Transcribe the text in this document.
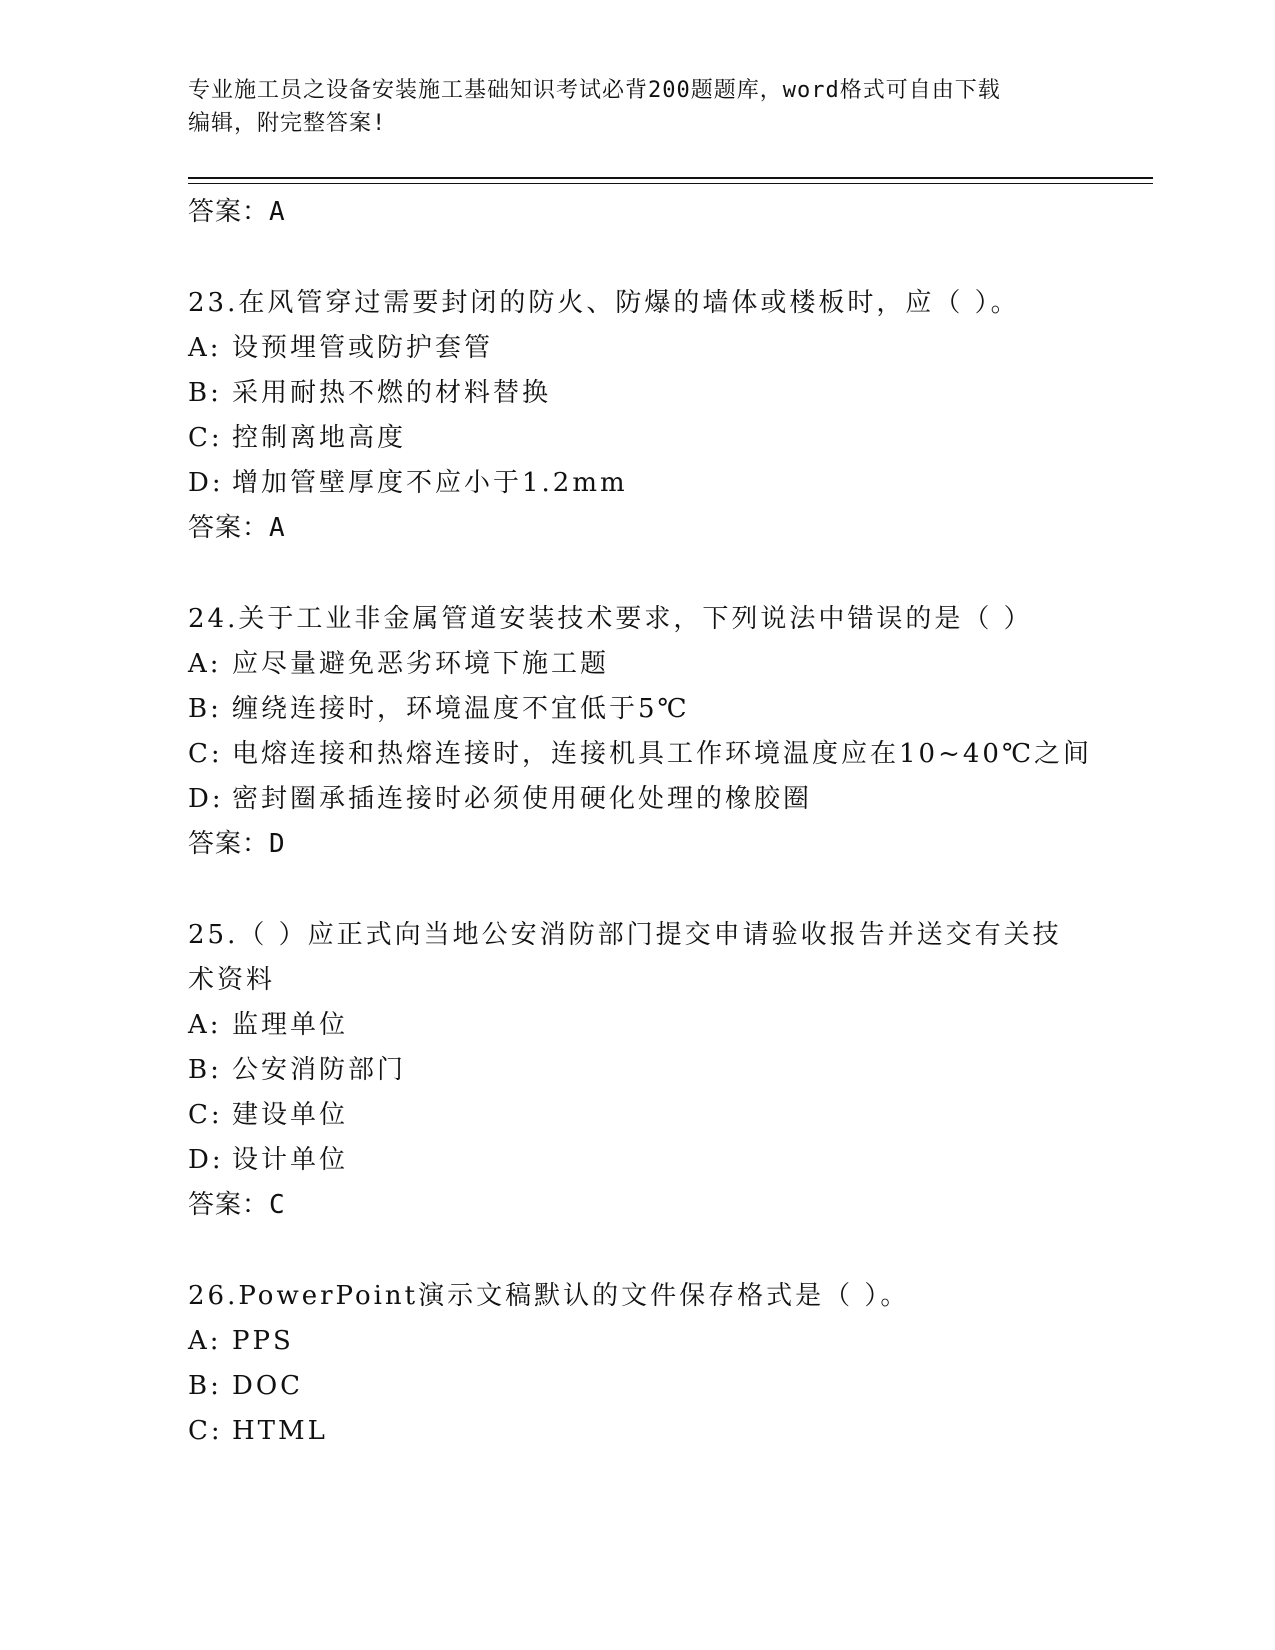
专业施工员之设备安装施工基础知识考试必背200题题库，word格式可自由下载
编辑，附完整答案!
答案：A
23.在风管穿过需要封闭的防火、防爆的墙体或楼板时，应（ ）。
A: 设预埋管或防护套管
B: 采用耐热不燃的材料替换
C: 控制离地高度
D: 增加管壁厚度不应小于1.2mm
答案：A
24.关于工业非金属管道安装技术要求，下列说法中错误的是（ ）
A: 应尽量避免恶劣环境下施工题
B: 缠绕连接时，环境温度不宜低于5℃
C: 电熔连接和热熔连接时，连接机具工作环境温度应在10~40℃之间
D: 密封圈承插连接时必须使用硬化处理的橡胶圈
答案：D
25.（ ）应正式向当地公安消防部门提交申请验收报告并送交有关技术资料
A: 监理单位
B: 公安消防部门
C: 建设单位
D: 设计单位
答案：C
26.PowerPoint演示文稿默认的文件保存格式是（ ）。
A: PPS
B: DOC
C: HTML
